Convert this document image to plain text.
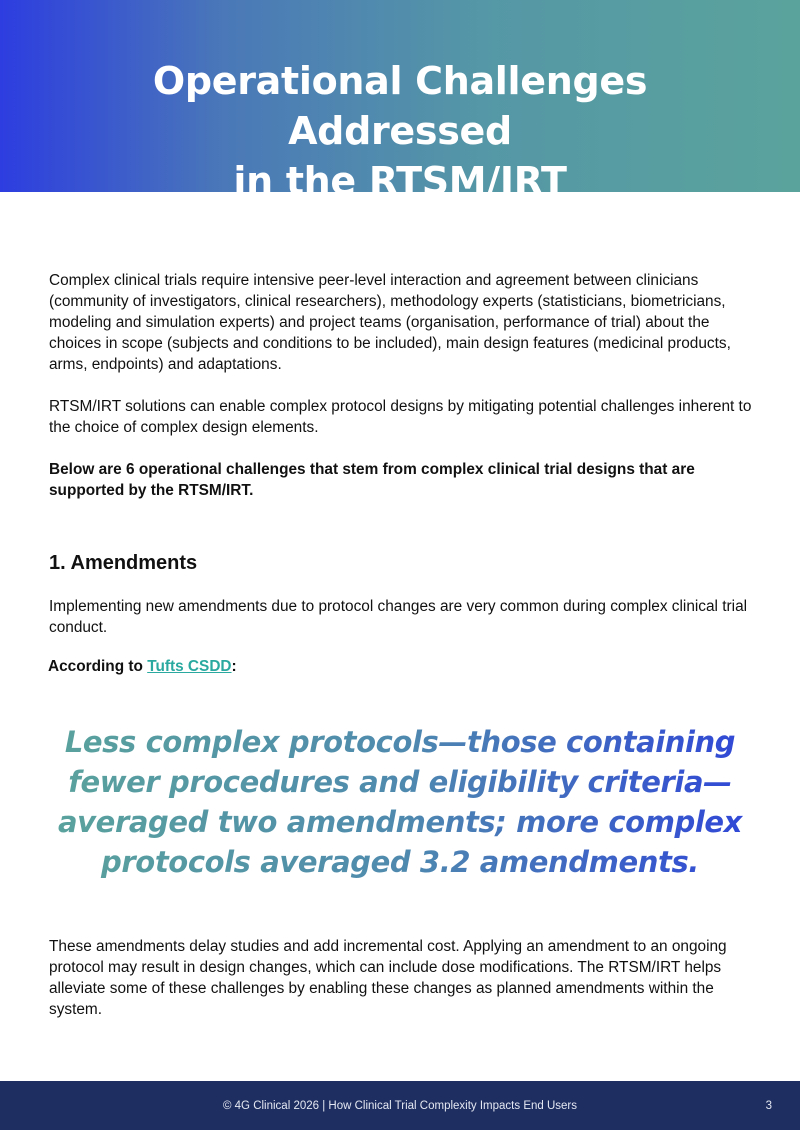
Operational Challenges Addressed
in the RTSM/IRT

Complex clinical trials require intensive peer-level interaction and agreement between clinicians (community of investigators, clinical researchers), methodology experts (statisticians, biometricians, modeling and simulation experts) and project teams (organisation, performance of trial) about the choices in scope (subjects and conditions to be included), main design features (medicinal products, arms, endpoints) and adaptations.

RTSM/IRT solutions can enable complex protocol designs by mitigating potential challenges inherent to the choice of complex design elements.

Below are 6 operational challenges that stem from complex clinical trial designs that are supported by the RTSM/IRT.

1. Amendments

Implementing new amendments due to protocol changes are very common during complex clinical trial conduct.

According to Tufts CSDD:

Less complex protocols—those containing fewer procedures and eligibility criteria—averaged two amendments; more complex protocols averaged 3.2 amendments.

These amendments delay studies and add incremental cost. Applying an amendment to an ongoing protocol may result in design changes, which can include dose modifications. The RTSM/IRT helps alleviate some of these challenges by enabling these changes as planned amendments within the system.

© 4G Clinical 2026 | How Clinical Trial Complexity Impacts End Users	3
